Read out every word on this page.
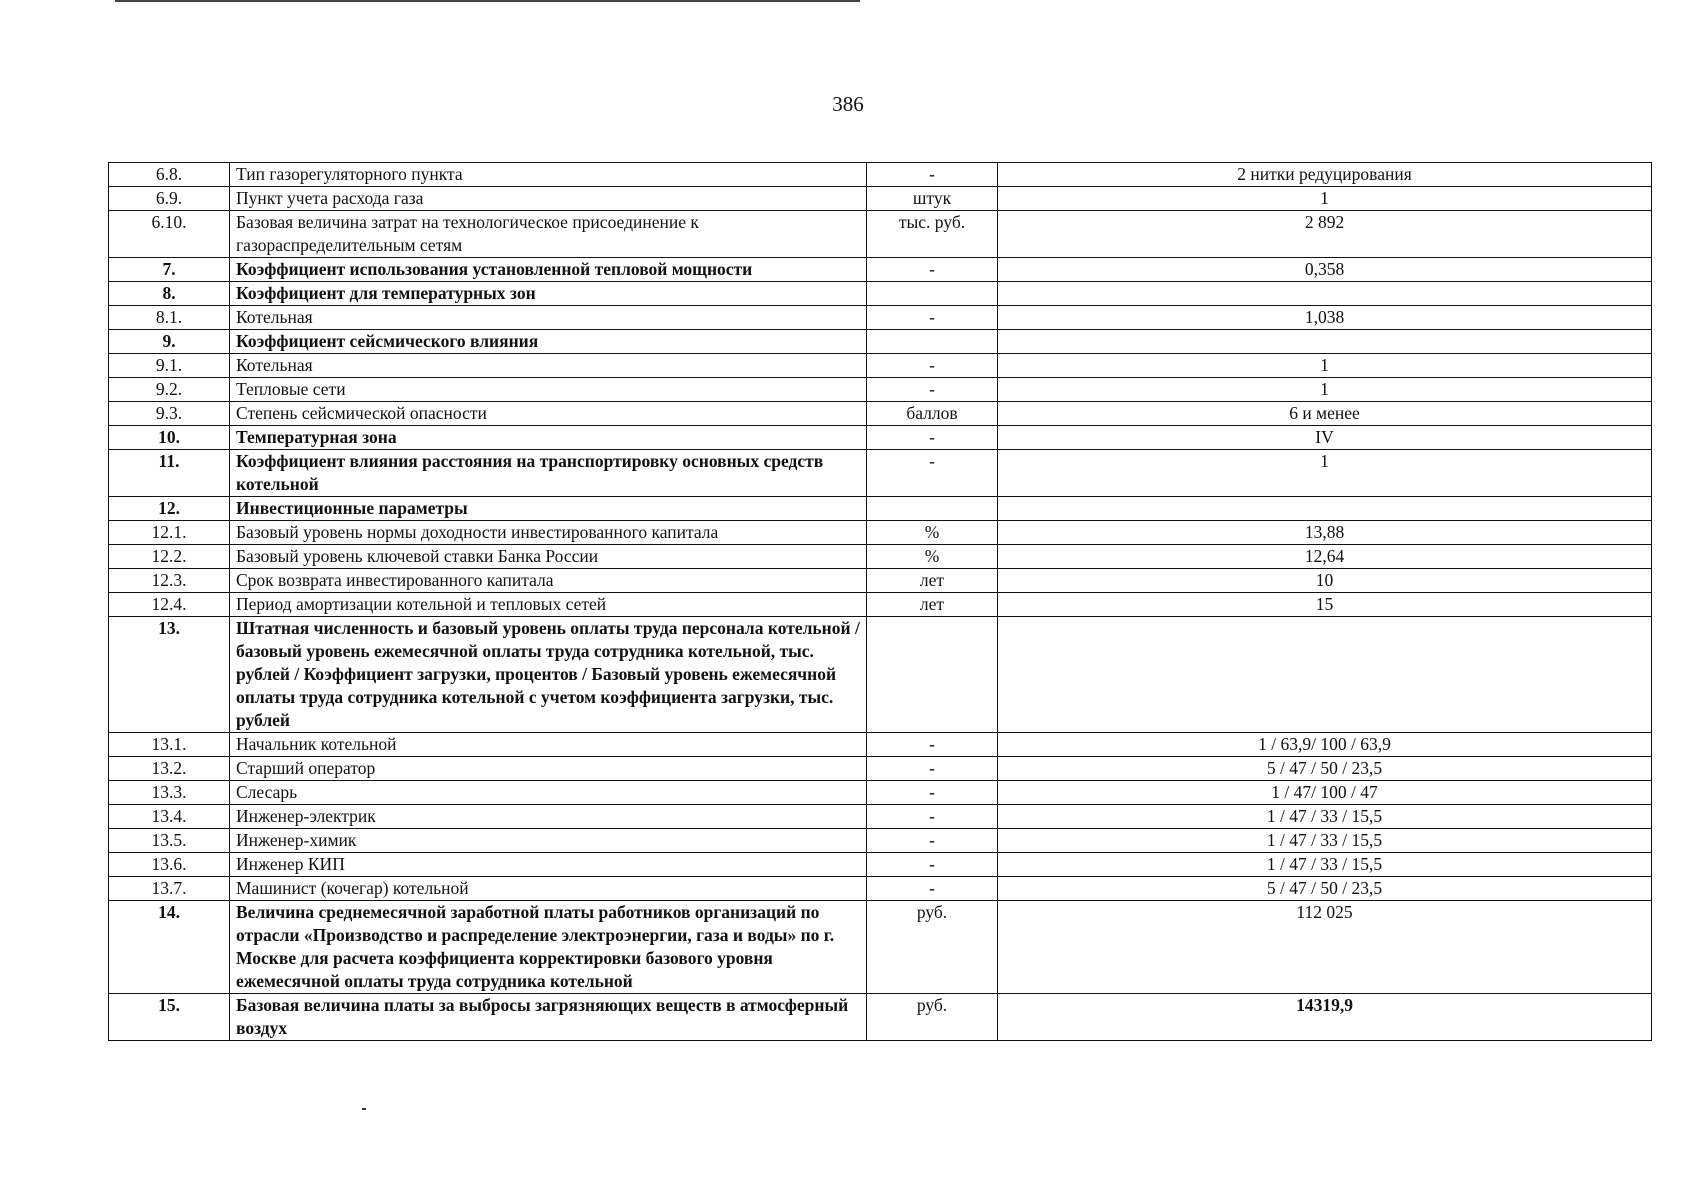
386
6.8.	Тип газорегуляторного пункта	-	2 нитки редуцирования
6.9.	Пункт учета расхода газа	штук	1
6.10.	Базовая величина затрат на технологическое присоединение к газораспределительным сетям	тыс. руб.	2 892
7.	Коэффициент использования установленной тепловой мощности	-	0,358
8.	Коэффициент для температурных зон		
8.1.	Котельная	-	1,038
9.	Коэффициент сейсмического влияния		
9.1.	Котельная	-	1
9.2.	Тепловые сети	-	1
9.3.	Степень сейсмической опасности	баллов	6 и менее
10.	Температурная зона	-	IV
11.	Коэффициент влияния расстояния на транспортировку основных средств котельной	-	1
12.	Инвестиционные параметры		
12.1.	Базовый уровень нормы доходности инвестированного капитала	%	13,88
12.2.	Базовый уровень ключевой ставки Банка России	%	12,64
12.3.	Срок возврата инвестированного капитала	лет	10
12.4.	Период амортизации котельной и тепловых сетей	лет	15
13.	Штатная численность и базовый уровень оплаты труда персонала котельной / базовый уровень ежемесячной оплаты труда сотрудника котельной, тыс. рублей / Коэффициент загрузки, процентов / Базовый уровень ежемесячной оплаты труда сотрудника котельной с учетом коэффициента загрузки, тыс. рублей		
13.1.	Начальник котельной	-	1 / 63,9/ 100 / 63,9
13.2.	Старший оператор	-	5 / 47 / 50 / 23,5
13.3.	Слесарь	-	1 / 47/ 100 / 47
13.4.	Инженер-электрик	-	1 / 47 / 33 / 15,5
13.5.	Инженер-химик	-	1 / 47 / 33 / 15,5
13.6.	Инженер КИП	-	1 / 47 / 33 / 15,5
13.7.	Машинист (кочегар) котельной	-	5 / 47 / 50 / 23,5
14.	Величина среднемесячной заработной платы работников организаций по отрасли «Производство и распределение электроэнергии, газа и воды» по г. Москве для расчета коэффициента корректировки базового уровня ежемесячной оплаты труда сотрудника котельной	руб.	112 025
15.	Базовая величина платы за выбросы загрязняющих веществ в атмосферный воздух	руб.	14319,9
